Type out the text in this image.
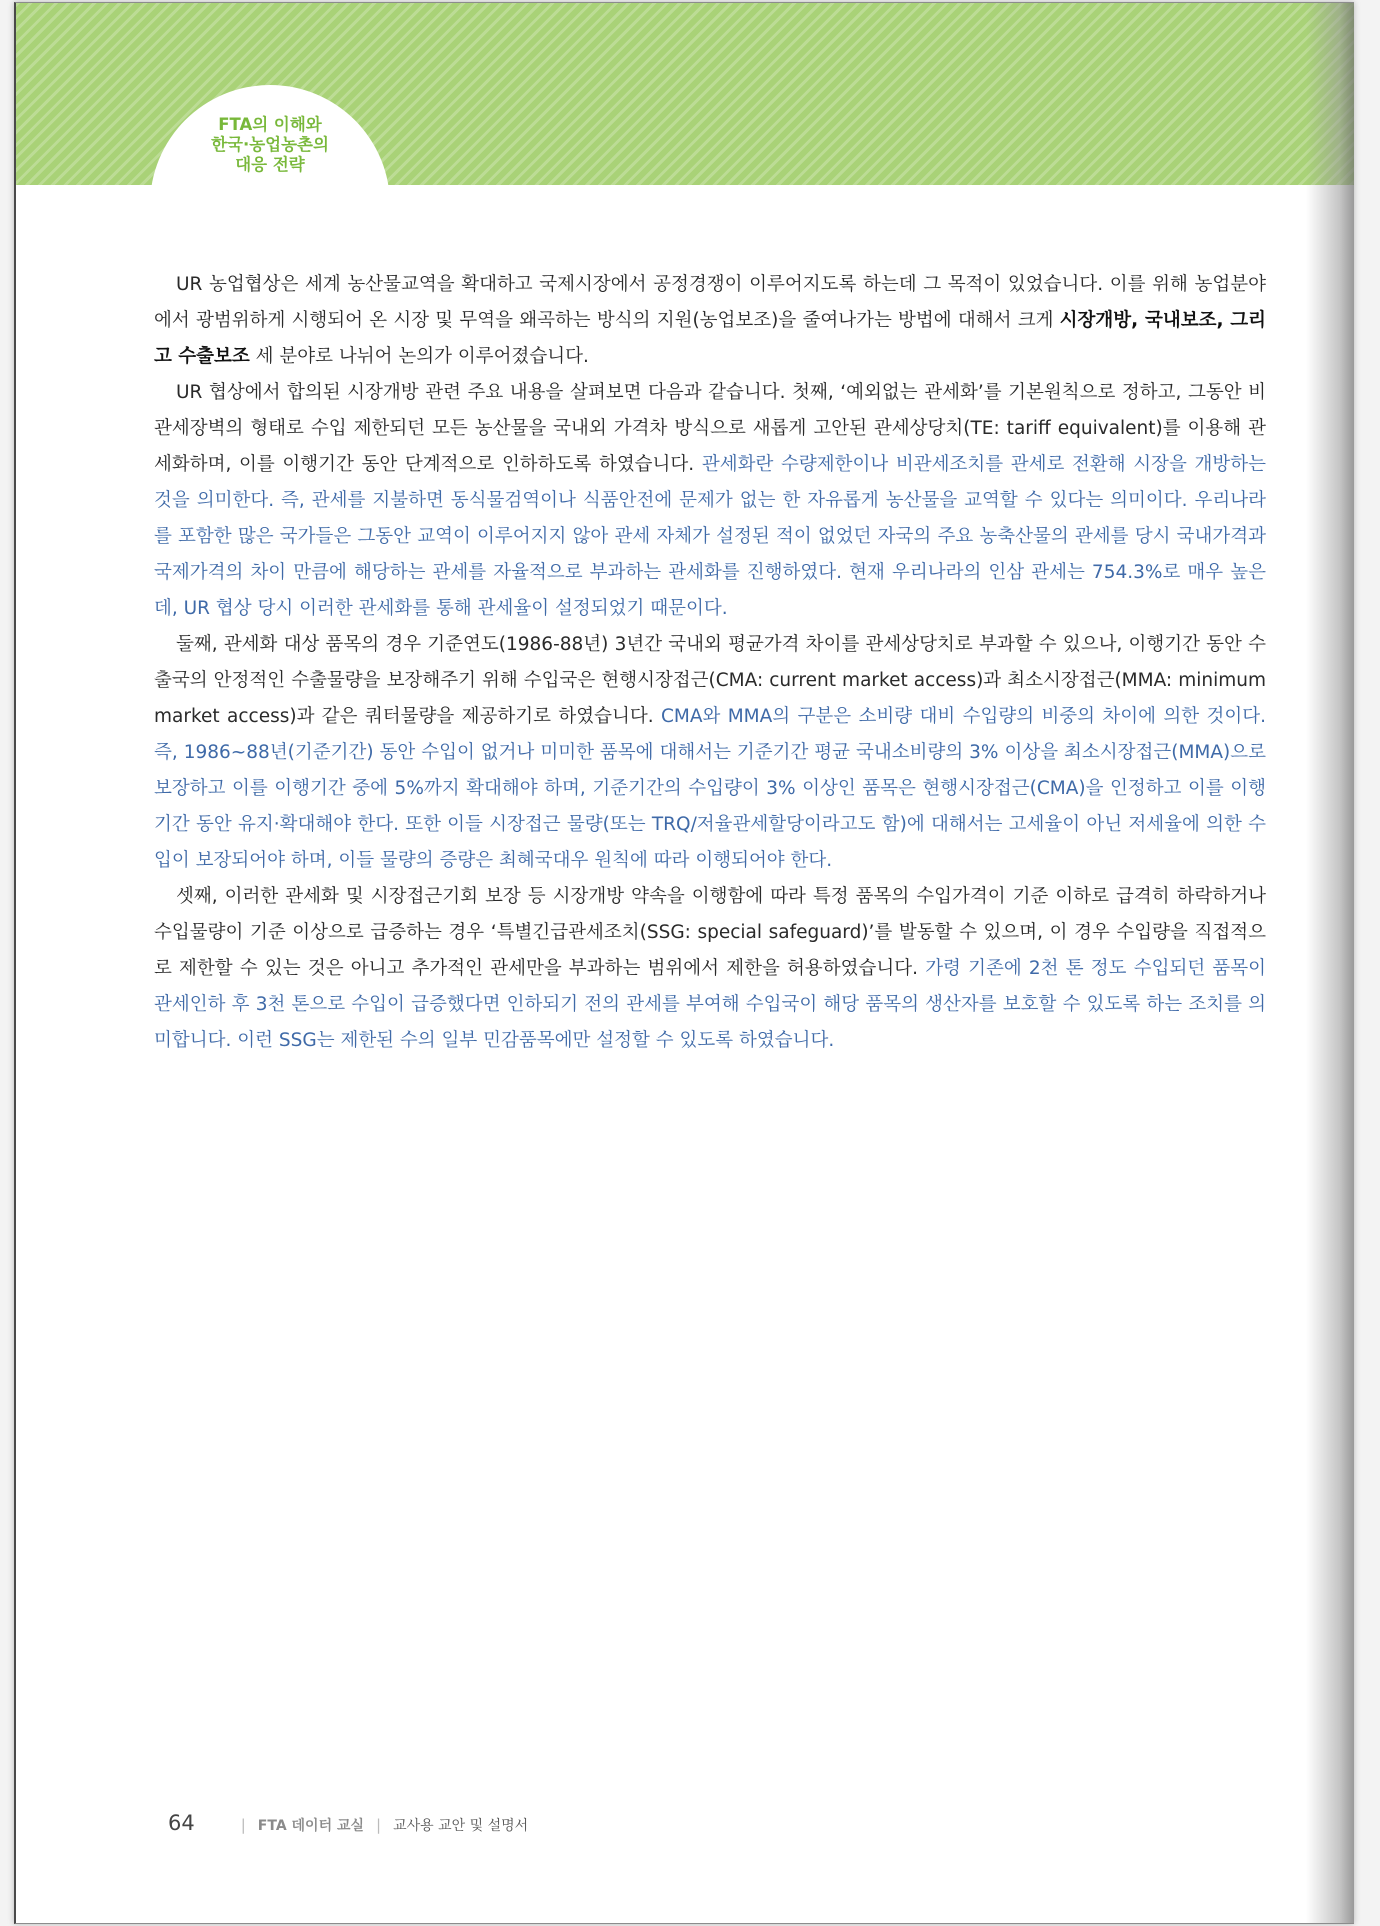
FTA의 이해와
한국·농업농촌의
대응 전략

UR 농업협상은 세계 농산물교역을 확대하고 국제시장에서 공정경쟁이 이루어지도록 하는데 그 목적이 있었습니다. 이를 위해 농업분야에서 광범위하게 시행되어 온 시장 및 무역을 왜곡하는 방식의 지원(농업보조)을 줄여나가는 방법에 대해서 크게 시장개방, 국내보조, 그리고 수출보조 세 분야로 나뉘어 논의가 이루어졌습니다.

UR 협상에서 합의된 시장개방 관련 주요 내용을 살펴보면 다음과 같습니다. 첫째, ‘예외없는 관세화’를 기본원칙으로 정하고, 그동안 비관세장벽의 형태로 수입 제한되던 모든 농산물을 국내외 가격차 방식으로 새롭게 고안된 관세상당치(TE: tariff equivalent)를 이용해 관세화하며, 이를 이행기간 동안 단계적으로 인하하도록 하였습니다. 관세화란 수량제한이나 비관세조치를 관세로 전환해 시장을 개방하는 것을 의미한다. 즉, 관세를 지불하면 동식물검역이나 식품안전에 문제가 없는 한 자유롭게 농산물을 교역할 수 있다는 의미이다. 우리나라를 포함한 많은 국가들은 그동안 교역이 이루어지지 않아 관세 자체가 설정된 적이 없었던 자국의 주요 농축산물의 관세를 당시 국내가격과 국제가격의 차이 만큼에 해당하는 관세를 자율적으로 부과하는 관세화를 진행하였다. 현재 우리나라의 인삼 관세는 754.3%로 매우 높은데, UR 협상 당시 이러한 관세화를 통해 관세율이 설정되었기 때문이다.

둘째, 관세화 대상 품목의 경우 기준연도(1986-88년) 3년간 국내외 평균가격 차이를 관세상당치로 부과할 수 있으나, 이행기간 동안 수출국의 안정적인 수출물량을 보장해주기 위해 수입국은 현행시장접근(CMA: current market access)과 최소시장접근(MMA: minimum market access)과 같은 쿼터물량을 제공하기로 하였습니다. CMA와 MMA의 구분은 소비량 대비 수입량의 비중의 차이에 의한 것이다. 즉, 1986~88년(기준기간) 동안 수입이 없거나 미미한 품목에 대해서는 기준기간 평균 국내소비량의 3% 이상을 최소시장접근(MMA)으로 보장하고 이를 이행기간 중에 5%까지 확대해야 하며, 기준기간의 수입량이 3% 이상인 품목은 현행시장접근(CMA)을 인정하고 이를 이행기간 동안 유지·확대해야 한다. 또한 이들 시장접근 물량(또는 TRQ/저율관세할당이라고도 함)에 대해서는 고세율이 아닌 저세율에 의한 수입이 보장되어야 하며, 이들 물량의 증량은 최혜국대우 원칙에 따라 이행되어야 한다.

셋째, 이러한 관세화 및 시장접근기회 보장 등 시장개방 약속을 이행함에 따라 특정 품목의 수입가격이 기준 이하로 급격히 하락하거나 수입물량이 기준 이상으로 급증하는 경우 ‘특별긴급관세조치(SSG: special safeguard)’를 발동할 수 있으며, 이 경우 수입량을 직접적으로 제한할 수 있는 것은 아니고 추가적인 관세만을 부과하는 범위에서 제한을 허용하였습니다. 가령 기존에 2천 톤 정도 수입되던 품목이 관세인하 후 3천 톤으로 수입이 급증했다면 인하되기 전의 관세를 부여해 수입국이 해당 품목의 생산자를 보호할 수 있도록 하는 조치를 의미합니다. 이런 SSG는 제한된 수의 일부 민감품목에만 설정할 수 있도록 하였습니다.

64	| FTA 데이터 교실 | 교사용 교안 및 설명서
